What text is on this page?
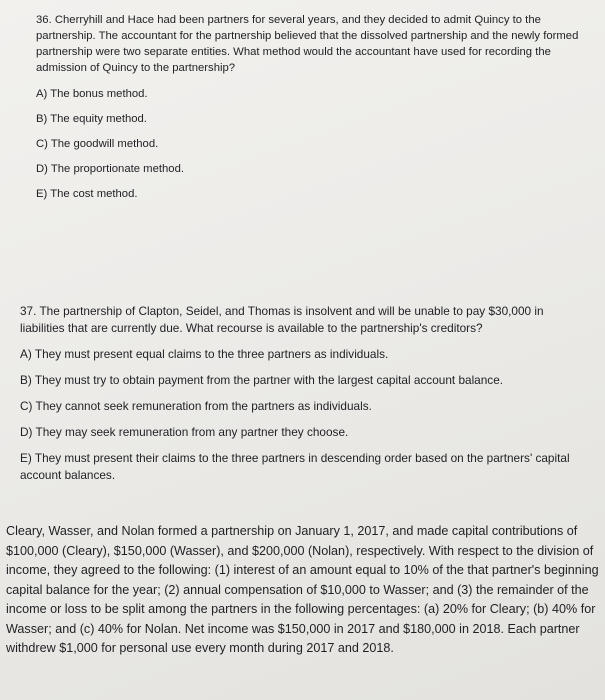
36. Cherryhill and Hace had been partners for several years, and they decided to admit Quincy to the partnership. The accountant for the partnership believed that the dissolved partnership and the newly formed partnership were two separate entities. What method would the accountant have used for recording the admission of Quincy to the partnership?

A) The bonus method.

B) The equity method.

C) The goodwill method.

D) The proportionate method.

E) The cost method.

37. The partnership of Clapton, Seidel, and Thomas is insolvent and will be unable to pay $30,000 in liabilities that are currently due. What recourse is available to the partnership's creditors?

A) They must present equal claims to the three partners as individuals.

B) They must try to obtain payment from the partner with the largest capital account balance.

C) They cannot seek remuneration from the partners as individuals.

D) They may seek remuneration from any partner they choose.

E) They must present their claims to the three partners in descending order based on the partners' capital account balances.

Cleary, Wasser, and Nolan formed a partnership on January 1, 2017, and made capital contributions of $100,000 (Cleary), $150,000 (Wasser), and $200,000 (Nolan), respectively. With respect to the division of income, they agreed to the following: (1) interest of an amount equal to 10% of the that partner's beginning capital balance for the year; (2) annual compensation of $10,000 to Wasser; and (3) the remainder of the income or loss to be split among the partners in the following percentages: (a) 20% for Cleary; (b) 40% for Wasser; and (c) 40% for Nolan. Net income was $150,000 in 2017 and $180,000 in 2018. Each partner withdrew $1,000 for personal use every month during 2017 and 2018.
